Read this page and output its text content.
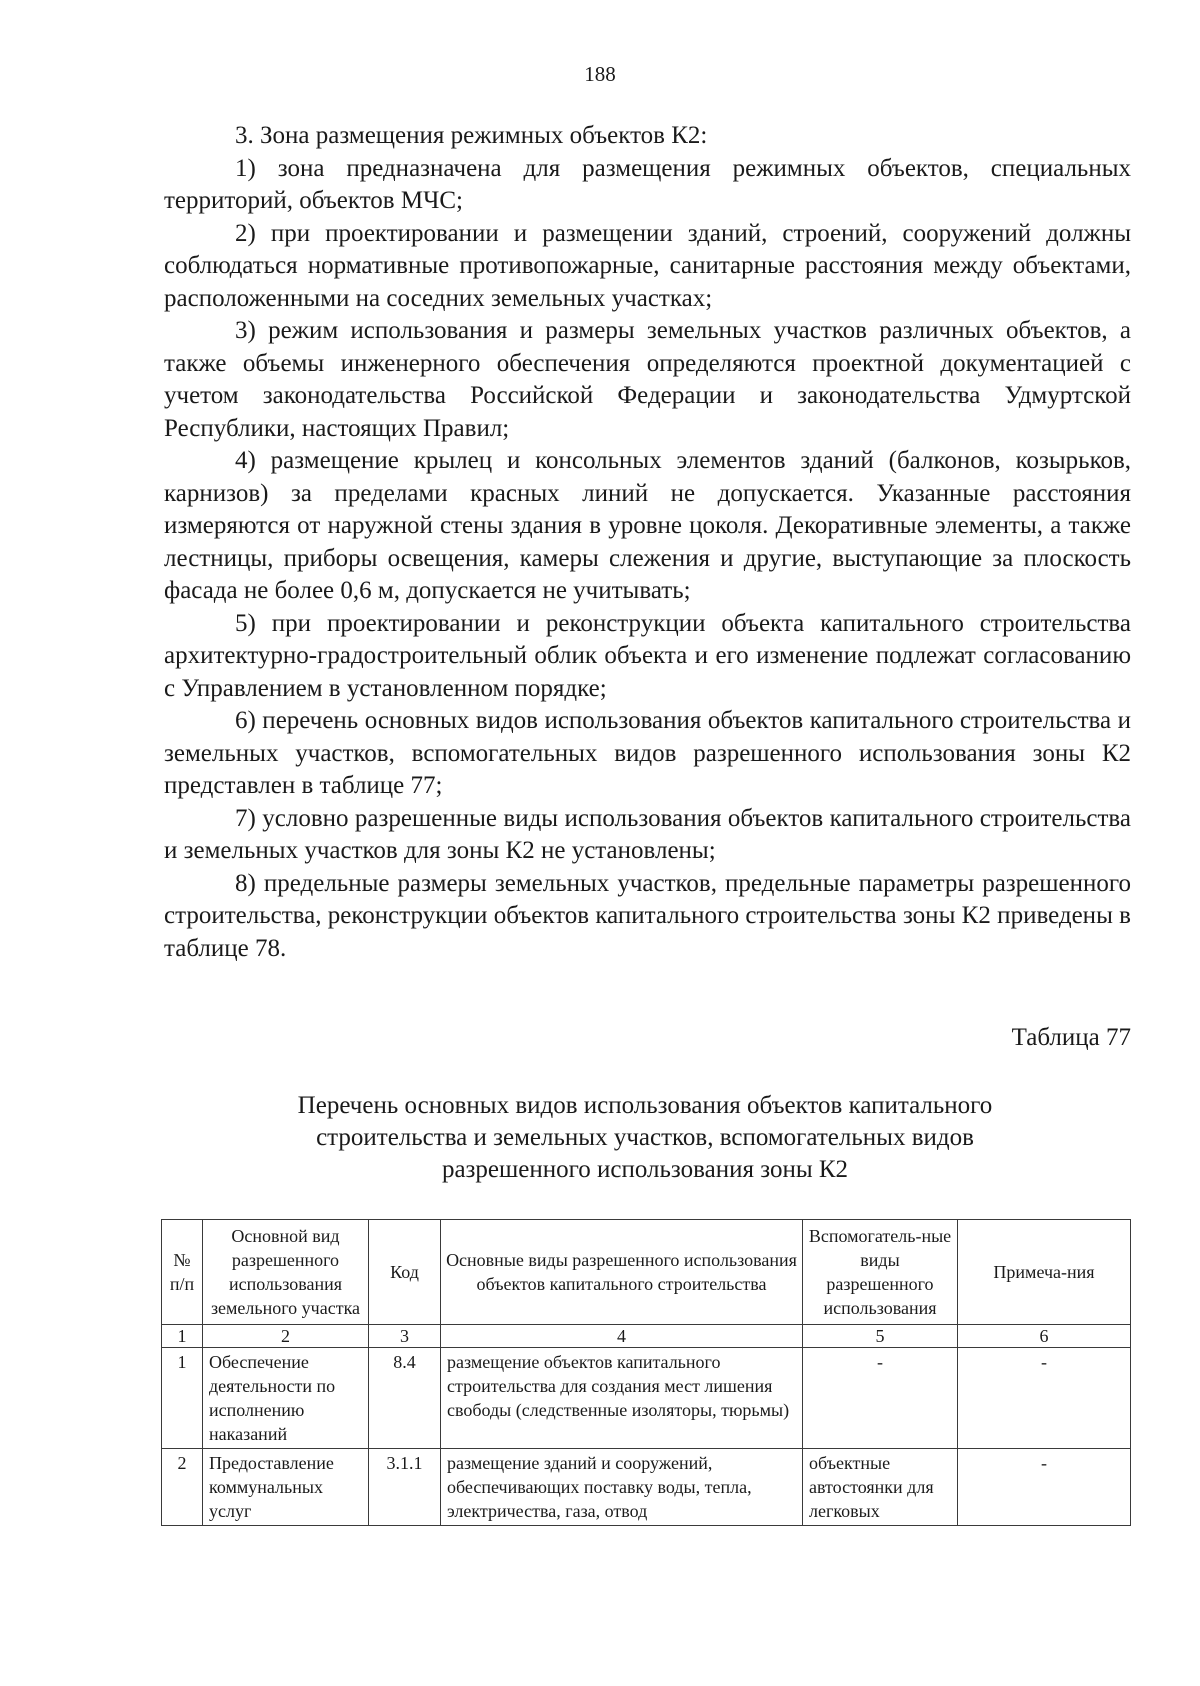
188

3. Зона размещения режимных объектов К2:

1) зона предназначена для размещения режимных объектов, специальных территорий, объектов МЧС;

2) при проектировании и размещении зданий, строений, сооружений должны соблюдаться нормативные противопожарные, санитарные расстояния между объектами, расположенными на соседних земельных участках;

3) режим использования и размеры земельных участков различных объектов, а также объемы инженерного обеспечения определяются проектной документацией с учетом законодательства Российской Федерации и законодательства Удмуртской Республики, настоящих Правил;

4) размещение крылец и консольных элементов зданий (балконов, козырьков, карнизов) за пределами красных линий не допускается. Указанные расстояния измеряются от наружной стены здания в уровне цоколя. Декоративные элементы, а также лестницы, приборы освещения, камеры слежения и другие, выступающие за плоскость фасада не более 0,6 м, допускается не учитывать;

5) при проектировании и реконструкции объекта капитального строительства архитектурно-градостроительный облик объекта и его изменение подлежат согласованию с Управлением в установленном порядке;

6) перечень основных видов использования объектов капитального строительства и земельных участков, вспомогательных видов разрешенного использования зоны К2 представлен в таблице 77;

7) условно разрешенные виды использования объектов капитального строительства и земельных участков для зоны К2 не установлены;

8) предельные размеры земельных участков, предельные параметры разрешенного строительства, реконструкции объектов капитального строительства зоны К2 приведены в таблице 78.

Таблица 77
Перечень основных видов использования объектов капитального
строительства и земельных участков, вспомогательных видов
разрешенного использования зоны К2
№ п/п	Основной вид разрешенного использования земельного участка	Код	Основные виды разрешенного использования объектов капитального строительства	Вспомогатель-ные виды разрешенного использования	Примеча-ния
1	2	3	4	5	6
1	Обеспечение деятельности по исполнению наказаний	8.4	размещение объектов капитального строительства для создания мест лишения свободы (следственные изоляторы, тюрьмы)	-	-
2	Предоставление коммунальных услуг	3.1.1	размещение зданий и сооружений, обеспечивающих поставку воды, тепла, электричества, газа, отвод	объектные автостоянки для легковых	-
